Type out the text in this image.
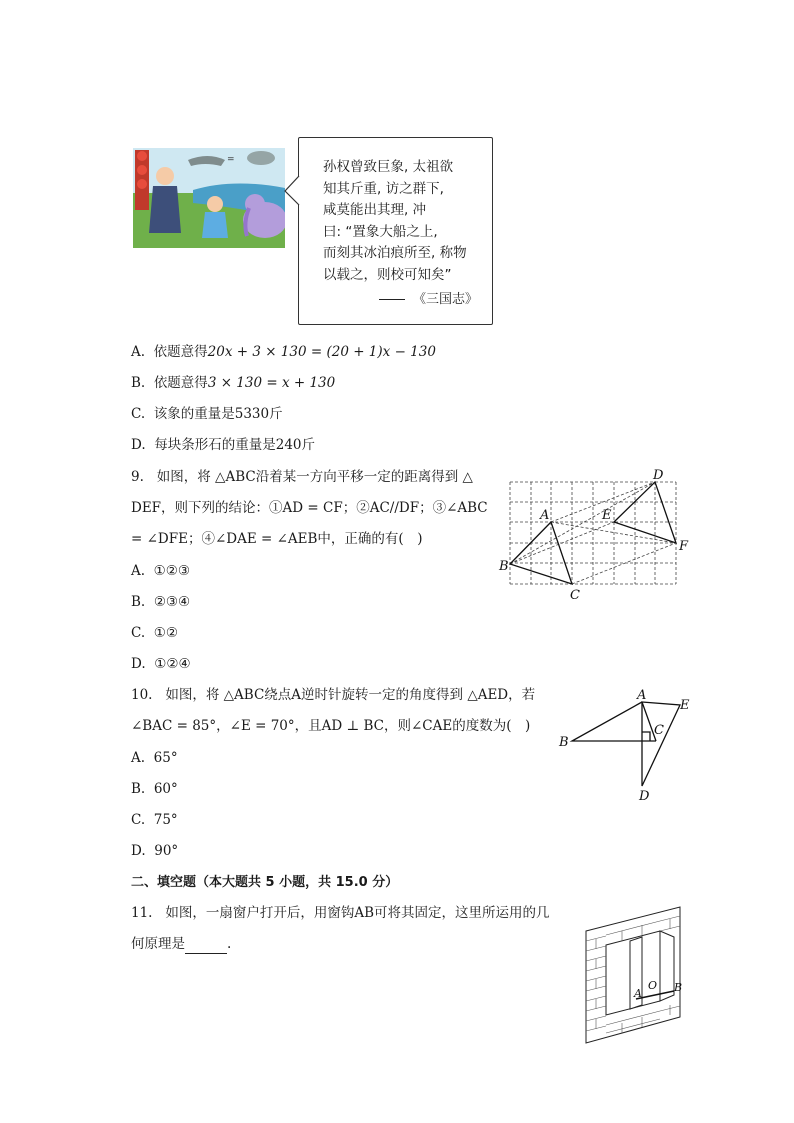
=	孙权曾致巨象, 太祖欲
知其斤重, 访之群下,
咸莫能出其理, 冲
曰: “置象大船之上,
而刻其冰泊痕所至, 称物
以载之，则校可知矣”
《三国志》
A. 依题意得20x + 3 × 130 = (20 + 1)x − 130
B. 依题意得3 × 130 = x + 130
C. 该象的重量是5330斤
D. 每块条形石的重量是240斤
9. 如图，将 △ABC沿着某一方向平移一定的距离得到 △
DEF，则下列的结论：①AD = CF；②AC//DF；③∠ABC
= ∠DFE；④∠DAE = ∠AEB中，正确的有(　)
A. ①②③
B. ②③④
C. ①②
D. ①②④
A
B
C
D
E
F
10. 如图，将 △ABC绕点A逆时针旋转一定的角度得到 △AED，若
∠BAC = 85°，∠E = 70°，且AD ⊥ BC，则∠CAE的度数为(　)
A. 65°
B. 60°
C. 75°
D. 90°
A
B
C
D
E
二、填空题（本大题共 5 小题，共 15.0 分）
11. 如图，一扇窗户打开后，用窗钩AB可将其固定，这里所运用的几
何原理是	.
A
O B
